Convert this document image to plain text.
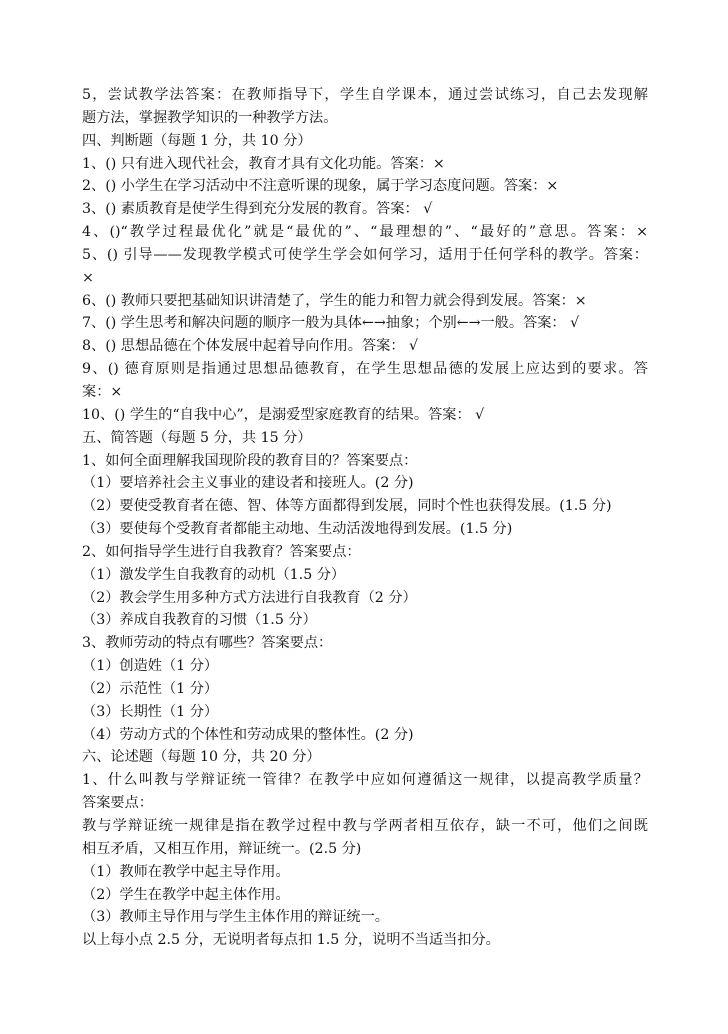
5，尝试教学法答案：在教师指导下，学生自学课本，通过尝试练习，自己去发现解
题方法，掌握教学知识的一种教学方法。
四、判断题（每题 1 分，共 10 分）
1、() 只有进入现代社会，教育才具有文化功能。答案：×
2、() 小学生在学习活动中不注意听课的现象，属于学习态度问题。答案：×
3、() 素质教育是使学生得到充分发展的教育。答案： √
4、()“教学过程最优化”就是“最优的”、“最理想的”、“最好的”意思。答案：×
5、() 引导——发现教学模式可使学生学会如何学习，适用于任何学科的教学。答案：
×
6、() 教师只要把基础知识讲清楚了，学生的能力和智力就会得到发展。答案：×
7、() 学生思考和解决问题的顺序一般为具体←→抽象；个别←→一般。答案： √
8、() 思想品德在个体发展中起着导向作用。答案： √
9、() 德育原则是指通过思想品德教育，在学生思想品德的发展上应达到的要求。答
案：×
10、() 学生的“自我中心”，是溺爱型家庭教育的结果。答案： √
五、简答题（每题 5 分，共 15 分）
1、如何全面理解我国现阶段的教育目的？答案要点：
（1）要培养社会主义事业的建设者和接班人。(2 分)
（2）要使受教育者在德、智、体等方面都得到发展，同时个性也获得发展。(1.5 分)
（3）要使每个受教育者都能主动地、生动活泼地得到发展。(1.5 分)
2、如何指导学生进行自我教育？答案要点：
（1）激发学生自我教育的动机（1.5 分）
（2）教会学生用多种方式方法进行自我教育（2 分）
（3）养成自我教育的习惯（1.5 分）
3、教师劳动的特点有哪些？答案要点：
（1）创造姓（1 分）
（2）示范性（1 分）
（3）长期性（1 分）
（4）劳动方式的个体性和劳动成果的整体性。(2 分)
六、论述题（每题 10 分，共 20 分）
1、什么叫教与学辩证统一管律？在教学中应如何遵循这一规律，以提高教学质量？
答案要点：
教与学辩证统一规律是指在教学过程中教与学两者相互依存，缺一不可，他们之间既
相互矛盾，又相互作用，辩证统一。(2.5 分)
（1）教师在教学中起主导作用。
（2）学生在教学中起主体作用。
（3）教师主导作用与学生主体作用的辩证统一。
以上每小点 2.5 分，无说明者每点扣 1.5 分，说明不当适当扣分。
